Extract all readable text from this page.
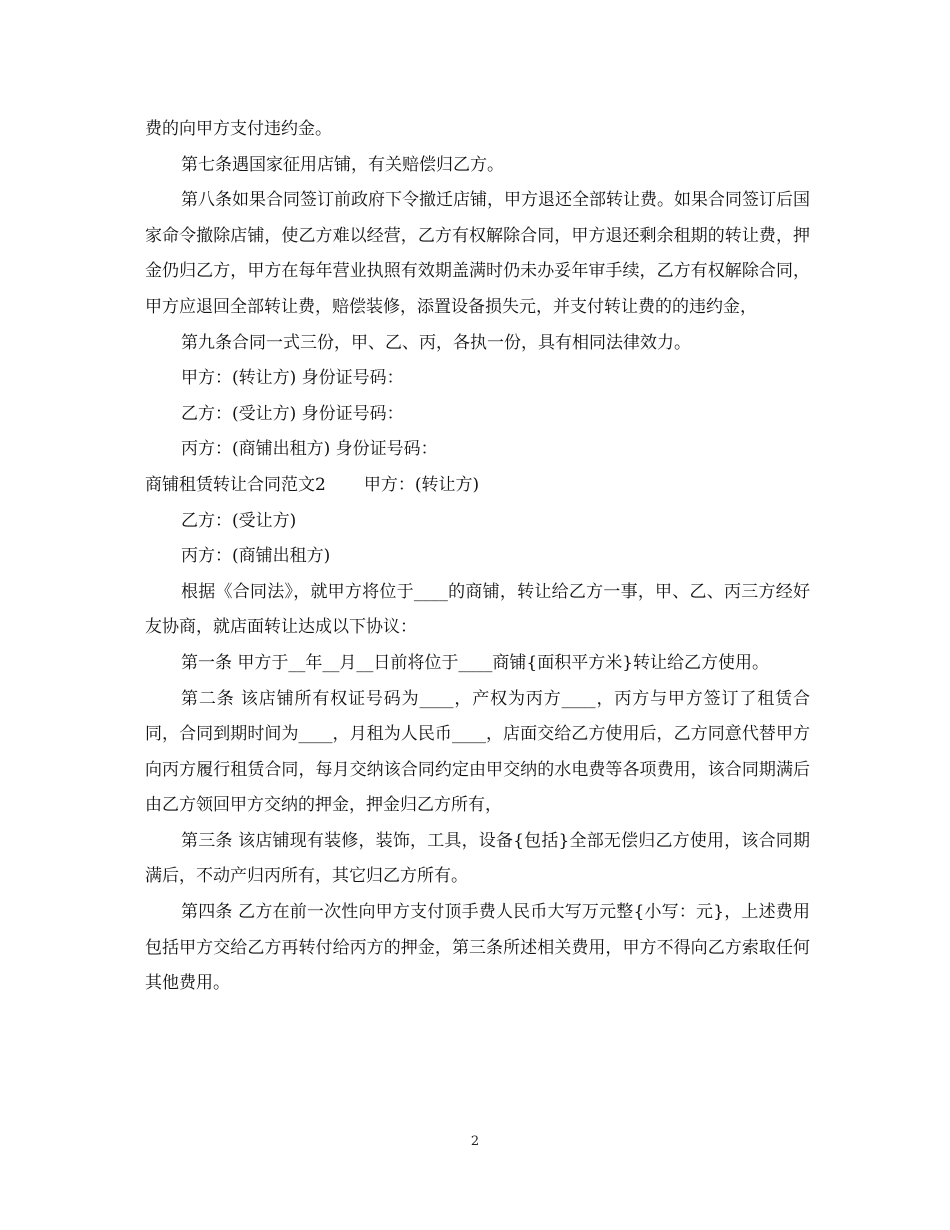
费的向甲方支付违约金。

第七条遇国家征用店铺，有关赔偿归乙方。

第八条如果合同签订前政府下令撤迁店铺，甲方退还全部转让费。如果合同签订后国家命令撤除店铺，使乙方难以经营，乙方有权解除合同，甲方退还剩余租期的转让费，押金仍归乙方，甲方在每年营业执照有效期盖满时仍未办妥年审手续，乙方有权解除合同，甲方应退回全部转让费，赔偿装修，添置设备损失元，并支付转让费的的违约金，

第九条合同一式三份，甲、乙、丙，各执一份，具有相同法律效力。

甲方：(转让方) 身份证号码：

乙方：(受让方) 身份证号码：

丙方：(商铺出租方) 身份证号码：

商铺租赁转让合同范文2 甲方：(转让方)

乙方：(受让方)

丙方：(商铺出租方)

根据《合同法》，就甲方将位于____的商铺，转让给乙方一事，甲、乙、丙三方经好友协商，就店面转让达成以下协议：

第一条 甲方于__年__月__日前将位于____商铺{面积平方米}转让给乙方使用。

第二条 该店铺所有权证号码为____，产权为丙方____，丙方与甲方签订了租赁合同，合同到期时间为____，月租为人民币____，店面交给乙方使用后，乙方同意代替甲方向丙方履行租赁合同，每月交纳该合同约定由甲交纳的水电费等各项费用，该合同期满后由乙方领回甲方交纳的押金，押金归乙方所有，

第三条 该店铺现有装修，装饰，工具，设备{包括}全部无偿归乙方使用，该合同期满后，不动产归丙所有，其它归乙方所有。

第四条 乙方在前一次性向甲方支付顶手费人民币大写万元整{小写：元}，上述费用包括甲方交给乙方再转付给丙方的押金，第三条所述相关费用，甲方不得向乙方索取任何其他费用。

2
